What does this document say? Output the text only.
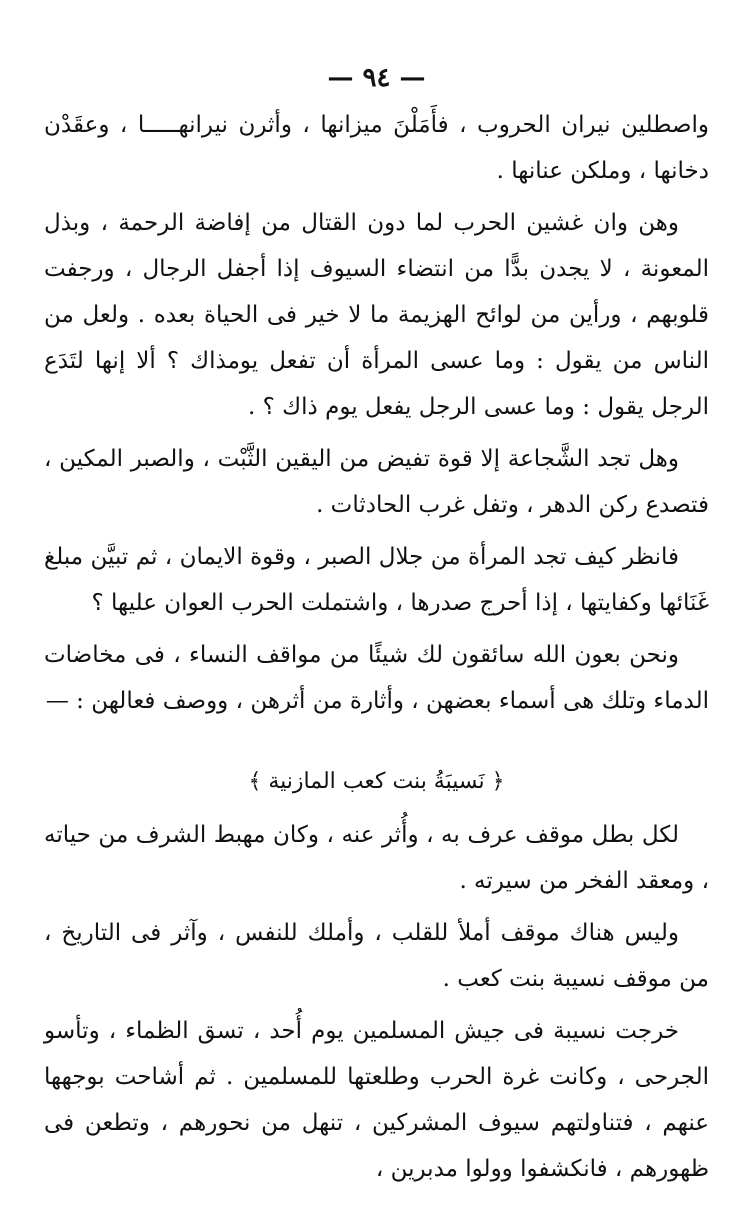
— ٩٤ —

واصطلين نيران الحروب ، فأَمَلْنَ ميزانها ، وأثرن نيرانهـــــا ، وعقَدْن دخانها ، وملكن عنانها .

وهن وان غشين الحرب لما دون القتال من إفاضة الرحمة ، وبذل المعونة ، لا يجدن بدًّا من انتضاء السيوف إذا أجفل الرجال ، ورجفت قلوبهم ، ورأين من لوائح الهزيمة ما لا خير فى الحياة بعده . ولعل من الناس من يقول : وما عسى المرأة أن تفعل يومذاك ؟ ألا إنها لتَدَع الرجل يقول : وما عسى الرجل يفعل يوم ذاك ؟ .

وهل تجد الشَّجاعة إلا قوة تفيض من اليقين الثَّبْت ، والصبر المكين ، فتصدع ركن الدهر ، وتفل غرب الحادثات .

فانظر كيف تجد المرأة من جلال الصبر ، وقوة الايمان ، ثم تبيَّن مبلغ غَنَائها وكفايتها ، إذا أحرج صدرها ، واشتملت الحرب العوان عليها ؟

ونحن بعون الله سائقون لك شيئًا من مواقف النساء ، فى مخاضات الدماء وتلك هى أسماء بعضهن ، وأثارة من أثرهن ، ووصف فعالهن : —

﴿ نَسيبَةُ بنت كعب المازنية ﴾

لكل بطل موقف عرف به ، وأُثر عنه ، وكان مهبط الشرف من حياته ، ومعقد الفخر من سيرته .

وليس هناك موقف أملأ للقلب ، وأملك للنفس ، وآثر فى التاريخ ، من موقف نسيبة بنت كعب .

خرجت نسيبة فى جيش المسلمين يوم أُحد ، تسق الظماء ، وتأسو الجرحى ، وكانت غرة الحرب وطلعتها للمسلمين . ثم أشاحت بوجهها عنهم ، فتناولتهم سيوف المشركين ، تنهل من نحورهم ، وتطعن فى ظهورهم ، فانكشفوا وولوا مدبرين ،
